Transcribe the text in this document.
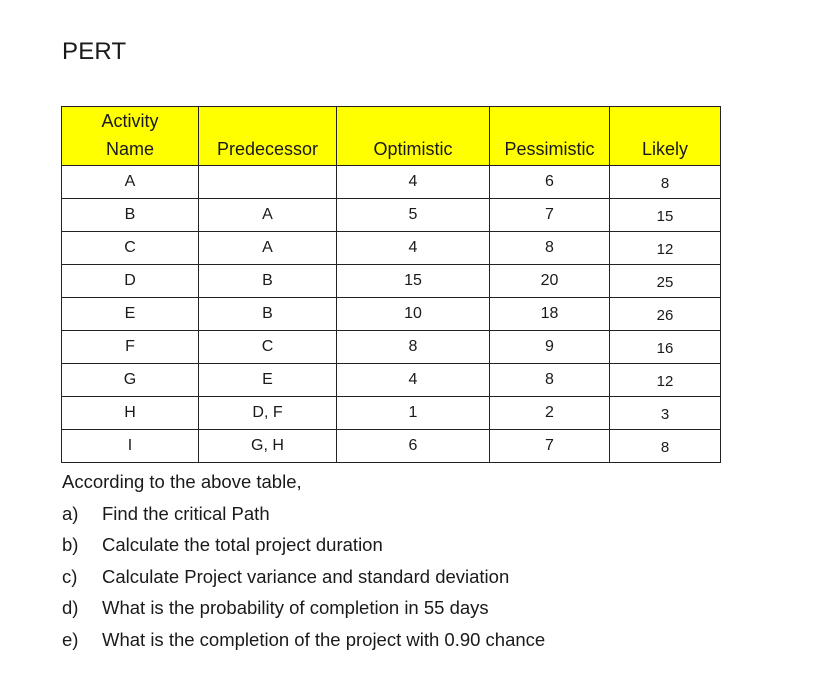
PERT
Activity Name	Predecessor	Optimistic	Pessimistic	Likely
A		4	6	8
B	A	5	7	15
C	A	4	8	12
D	B	15	20	25
E	B	10	18	26
F	C	8	9	16
G	E	4	8	12
H	D, F	1	2	3
I	G, H	6	7	8
According to the above table,
a)	Find the critical Path
b)	Calculate the total project duration
c)	Calculate Project variance and standard deviation
d)	What is the probability of completion in 55 days
e)	What is the completion of the project with 0.90 chance
